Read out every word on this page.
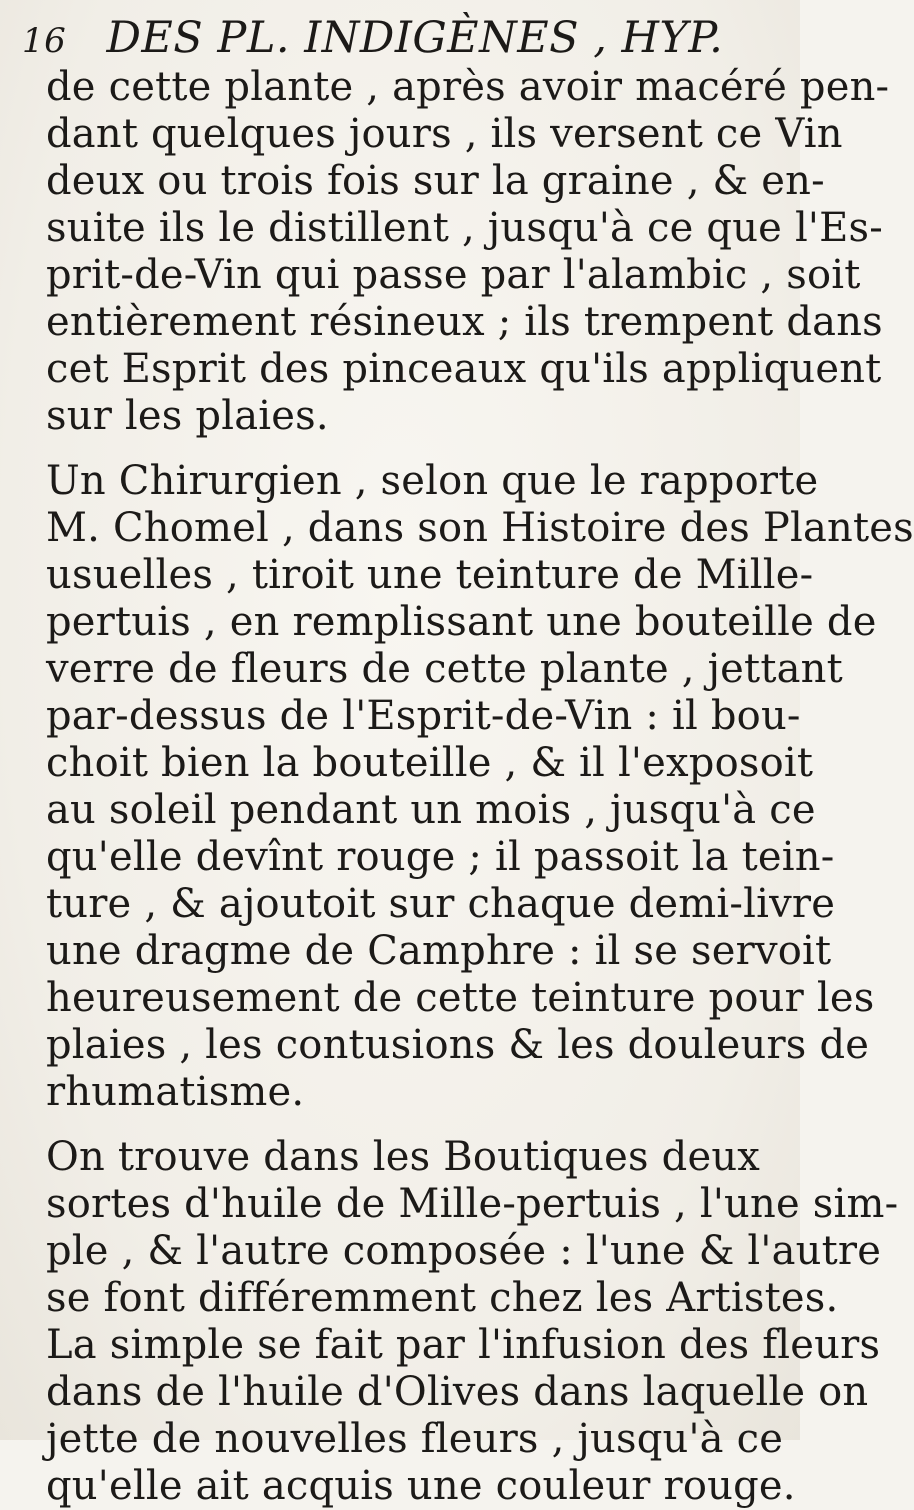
16 DES PL. INDIGÈNES , HYP.
de cette plante , après avoir macéré pen-
dant quelques jours , ils versent ce Vin
deux ou trois fois sur la graine , & en-
suite ils le distillent , jusqu'à ce que l'Es-
prit-de-Vin qui passe par l'alambic , soit
entièrement résineux ; ils trempent dans
cet Esprit des pinceaux qu'ils appliquent
sur les plaies.
Un Chirurgien , selon que le rapporte
M. Chomel , dans son Histoire des Plantes
usuelles , tiroit une teinture de Mille-
pertuis , en remplissant une bouteille de
verre de fleurs de cette plante , jettant
par-dessus de l'Esprit-de-Vin : il bou-
choit bien la bouteille , & il l'exposoit
au soleil pendant un mois , jusqu'à ce
qu'elle devînt rouge ; il passoit la tein-
ture , & ajoutoit sur chaque demi-livre
une dragme de Camphre : il se servoit
heureusement de cette teinture pour les
plaies , les contusions & les douleurs de
rhumatisme.
On trouve dans les Boutiques deux
sortes d'huile de Mille-pertuis , l'une sim-
ple , & l'autre composée : l'une & l'autre
se font différemment chez les Artistes.
La simple se fait par l'infusion des fleurs
dans de l'huile d'Olives dans laquelle on
jette de nouvelles fleurs , jusqu'à ce
qu'elle ait acquis une couleur rouge.
